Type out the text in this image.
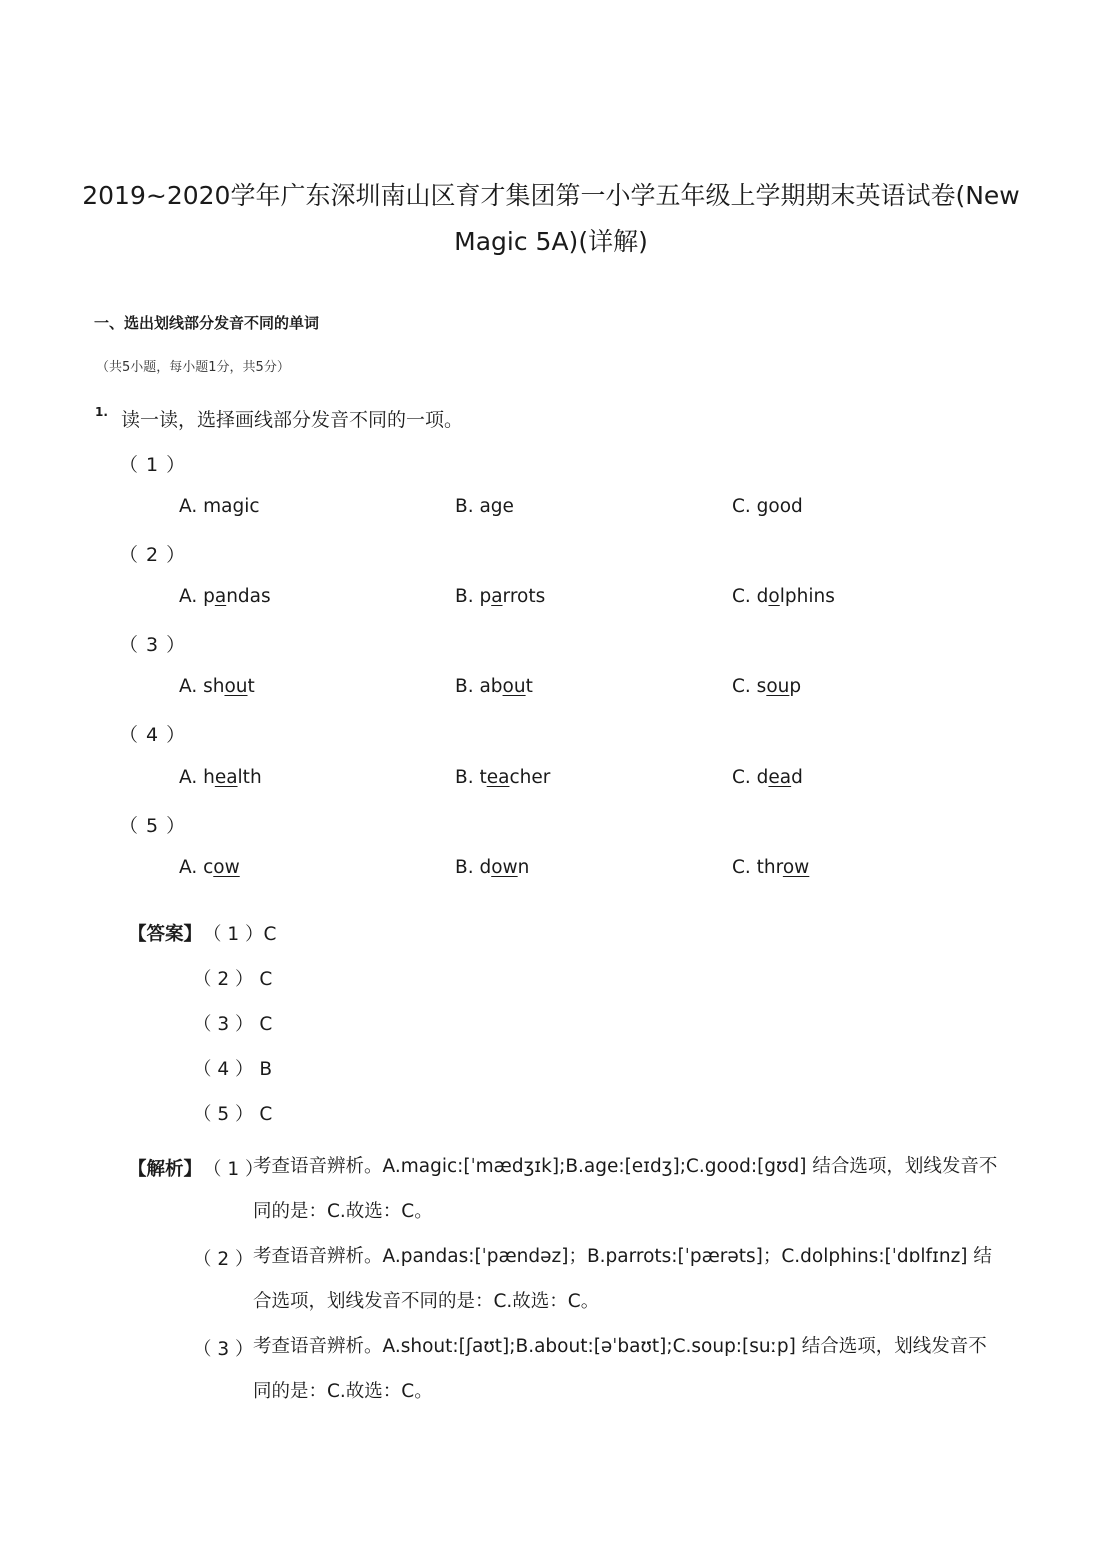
2019~2020学年广东深圳南山区育才集团第一小学五年级上学期期末英语试卷(New
Magic 5A)(详解)
一、选出划线部分发音不同的单词
（共5小题，每小题1分，共5分）
1. 读一读，选择画线部分发音不同的一项。
（ 1 ）
A. magic	B. age	C. good
（ 2 ）
A. pandas	B. parrots	C. dolphins
（ 3 ）
A. shout	B. about	C. soup
（ 4 ）
A. health	B. teacher	C. dead
（ 5 ）
A. cow	B. down	C. throw
【答案】 （ 1 ）C
（ 2 ） C
（ 3 ） C
（ 4 ） B
（ 5 ） C
【解析】 （ 1 ）
考查语音辨析。A.magic:[ˈmædʒɪk];B.age:[eɪdʒ];C.good:[gʊd] 结合选项，划线发音不同的是：C.故选：C。
（ 2 ） 考查语音辨析。A.pandas:[ˈpændəz]；B.parrots:[ˈpærəts]；C.dolphins:[ˈdɒlfɪnz] 结合选项，划线发音不同的是：C.故选：C。
（ 3 ） 考查语音辨析。A.shout:[ʃaʊt];B.about:[əˈbaʊt];C.soup:[suːp] 结合选项，划线发音不同的是：C.故选：C。
